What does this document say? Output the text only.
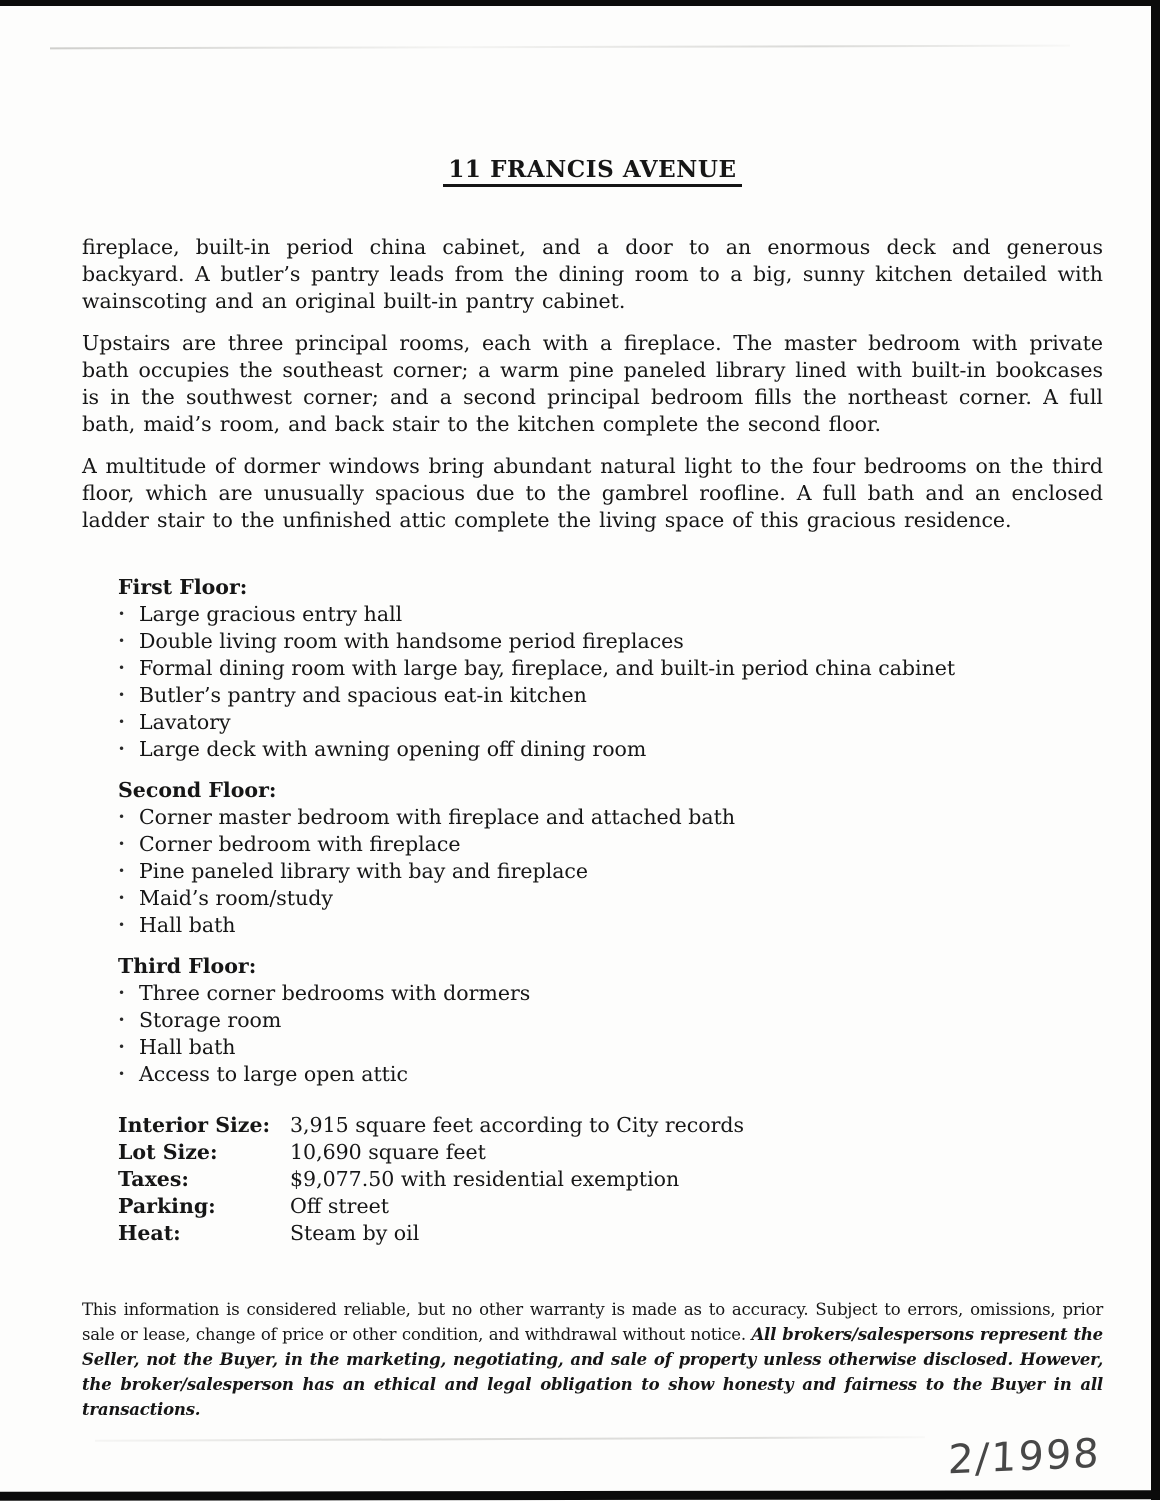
11 FRANCIS AVENUE

fireplace, built-in period china cabinet, and a door to an enormous deck and generous backyard. A butler’s pantry leads from the dining room to a big, sunny kitchen detailed with wainscoting and an original built-in pantry cabinet.

Upstairs are three principal rooms, each with a fireplace. The master bedroom with private bath occupies the southeast corner; a warm pine paneled library lined with built-in bookcases is in the southwest corner; and a second principal bedroom fills the northeast corner. A full bath, maid’s room, and back stair to the kitchen complete the second floor.

A multitude of dormer windows bring abundant natural light to the four bedrooms on the third floor, which are unusually spacious due to the gambrel roofline. A full bath and an enclosed ladder stair to the unfinished attic complete the living space of this gracious residence.

First Floor:
• Large gracious entry hall
• Double living room with handsome period fireplaces
• Formal dining room with large bay, fireplace, and built-in period china cabinet
• Butler’s pantry and spacious eat-in kitchen
• Lavatory
• Large deck with awning opening off dining room
Second Floor:
• Corner master bedroom with fireplace and attached bath
• Corner bedroom with fireplace
• Pine paneled library with bay and fireplace
• Maid’s room/study
• Hall bath
Third Floor:
• Three corner bedrooms with dormers
• Storage room
• Hall bath
• Access to large open attic
Interior Size: 3,915 square feet according to City records
Lot Size:	10,690 square feet
Taxes:	$9,077.50 with residential exemption
Parking:	Off street
Heat:	Steam by oil

This information is considered reliable, but no other warranty is made as to accuracy. Subject to errors, omissions, prior sale or lease, change of price or other condition, and withdrawal without notice. All brokers/salespersons represent the Seller, not the Buyer, in the marketing, negotiating, and sale of property unless otherwise disclosed. However, the broker/salesperson has an ethical and legal obligation to show honesty and fairness to the Buyer in all transactions.

2/1998
